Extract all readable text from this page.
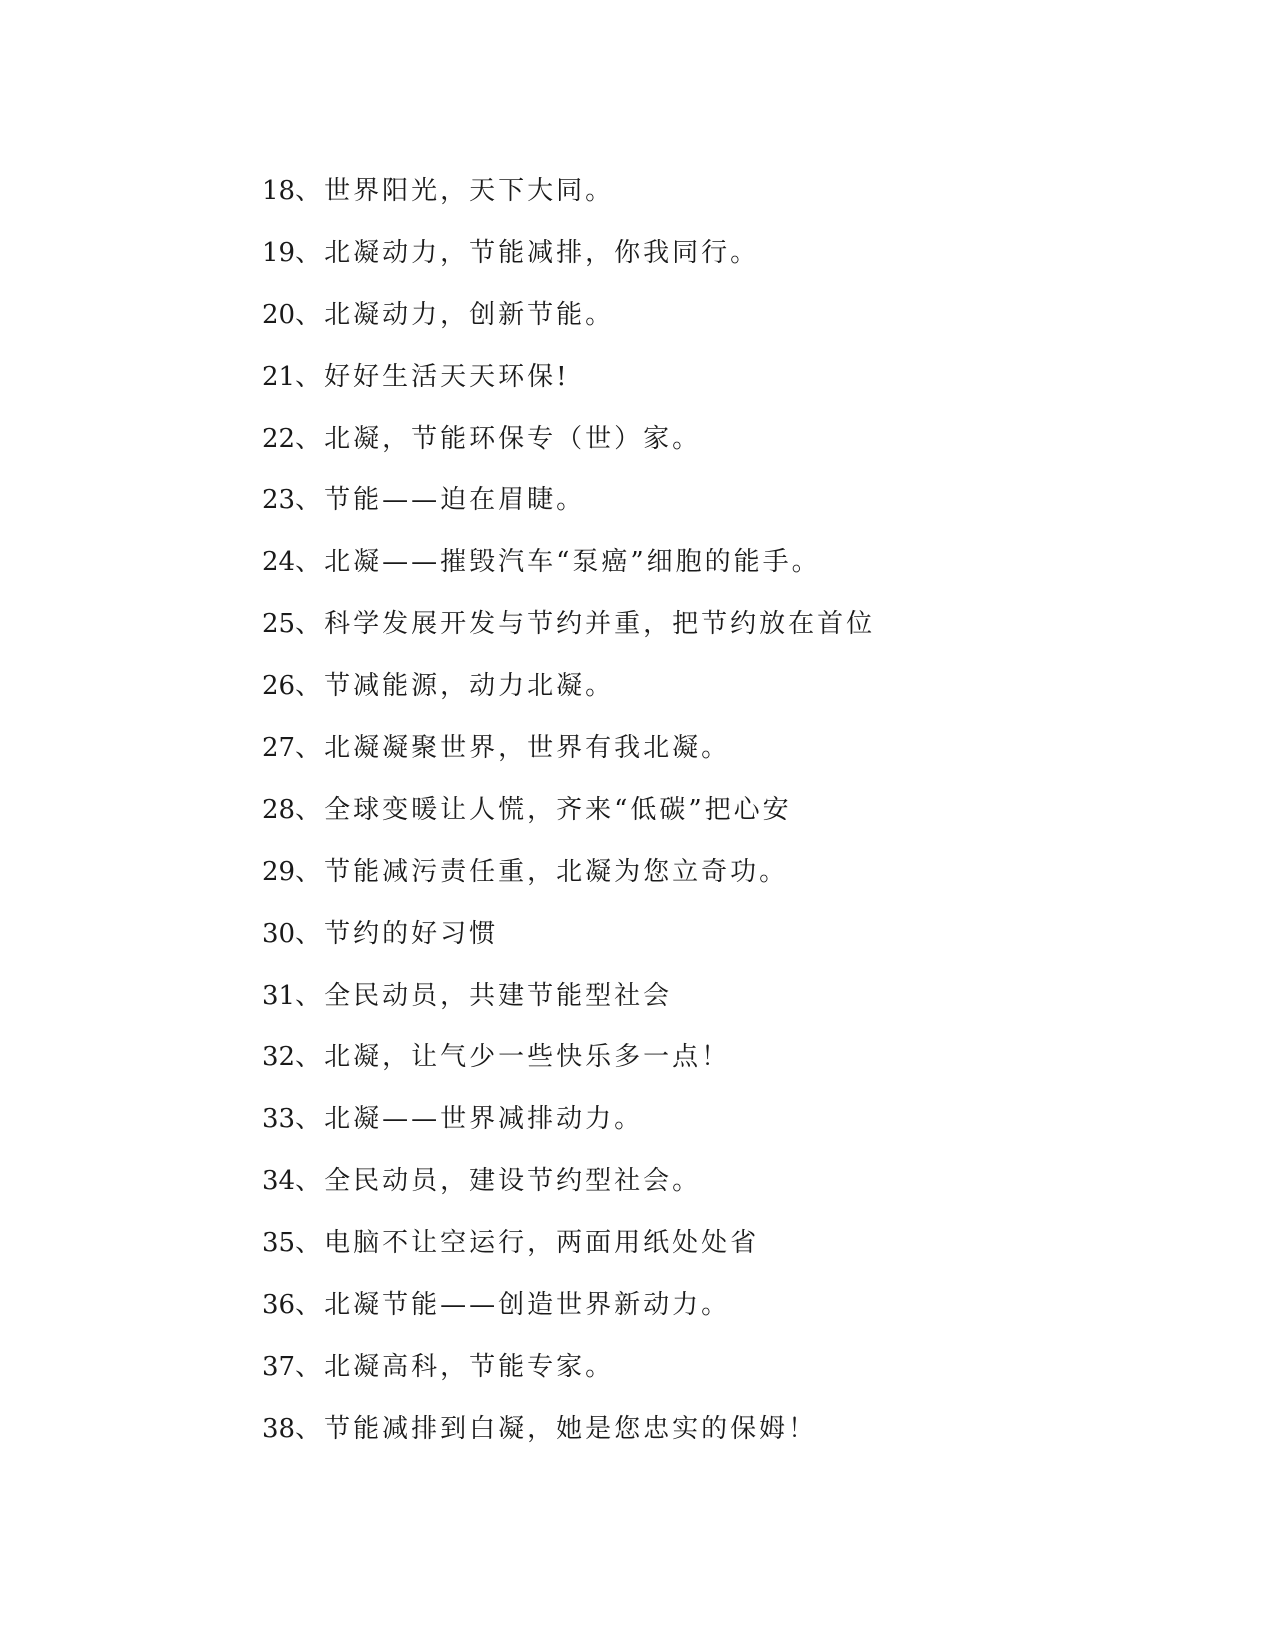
18、世界阳光，天下大同。
19、北凝动力，节能减排，你我同行。
20、北凝动力，创新节能。
21、好好生活天天环保!
22、北凝，节能环保专（世）家。
23、节能——迫在眉睫。
24、北凝——摧毁汽车“泵癌”细胞的能手。
25、科学发展开发与节约并重，把节约放在首位
26、节减能源，动力北凝。
27、北凝凝聚世界，世界有我北凝。
28、全球变暖让人慌，齐来“低碳”把心安
29、节能减污责任重，北凝为您立奇功。
30、节约的好习惯
31、全民动员，共建节能型社会
32、北凝，让气少一些快乐多一点！
33、北凝——世界减排动力。
34、全民动员，建设节约型社会。
35、电脑不让空运行，两面用纸处处省
36、北凝节能——创造世界新动力。
37、北凝高科，节能专家。
38、节能减排到白凝，她是您忠实的保姆！
